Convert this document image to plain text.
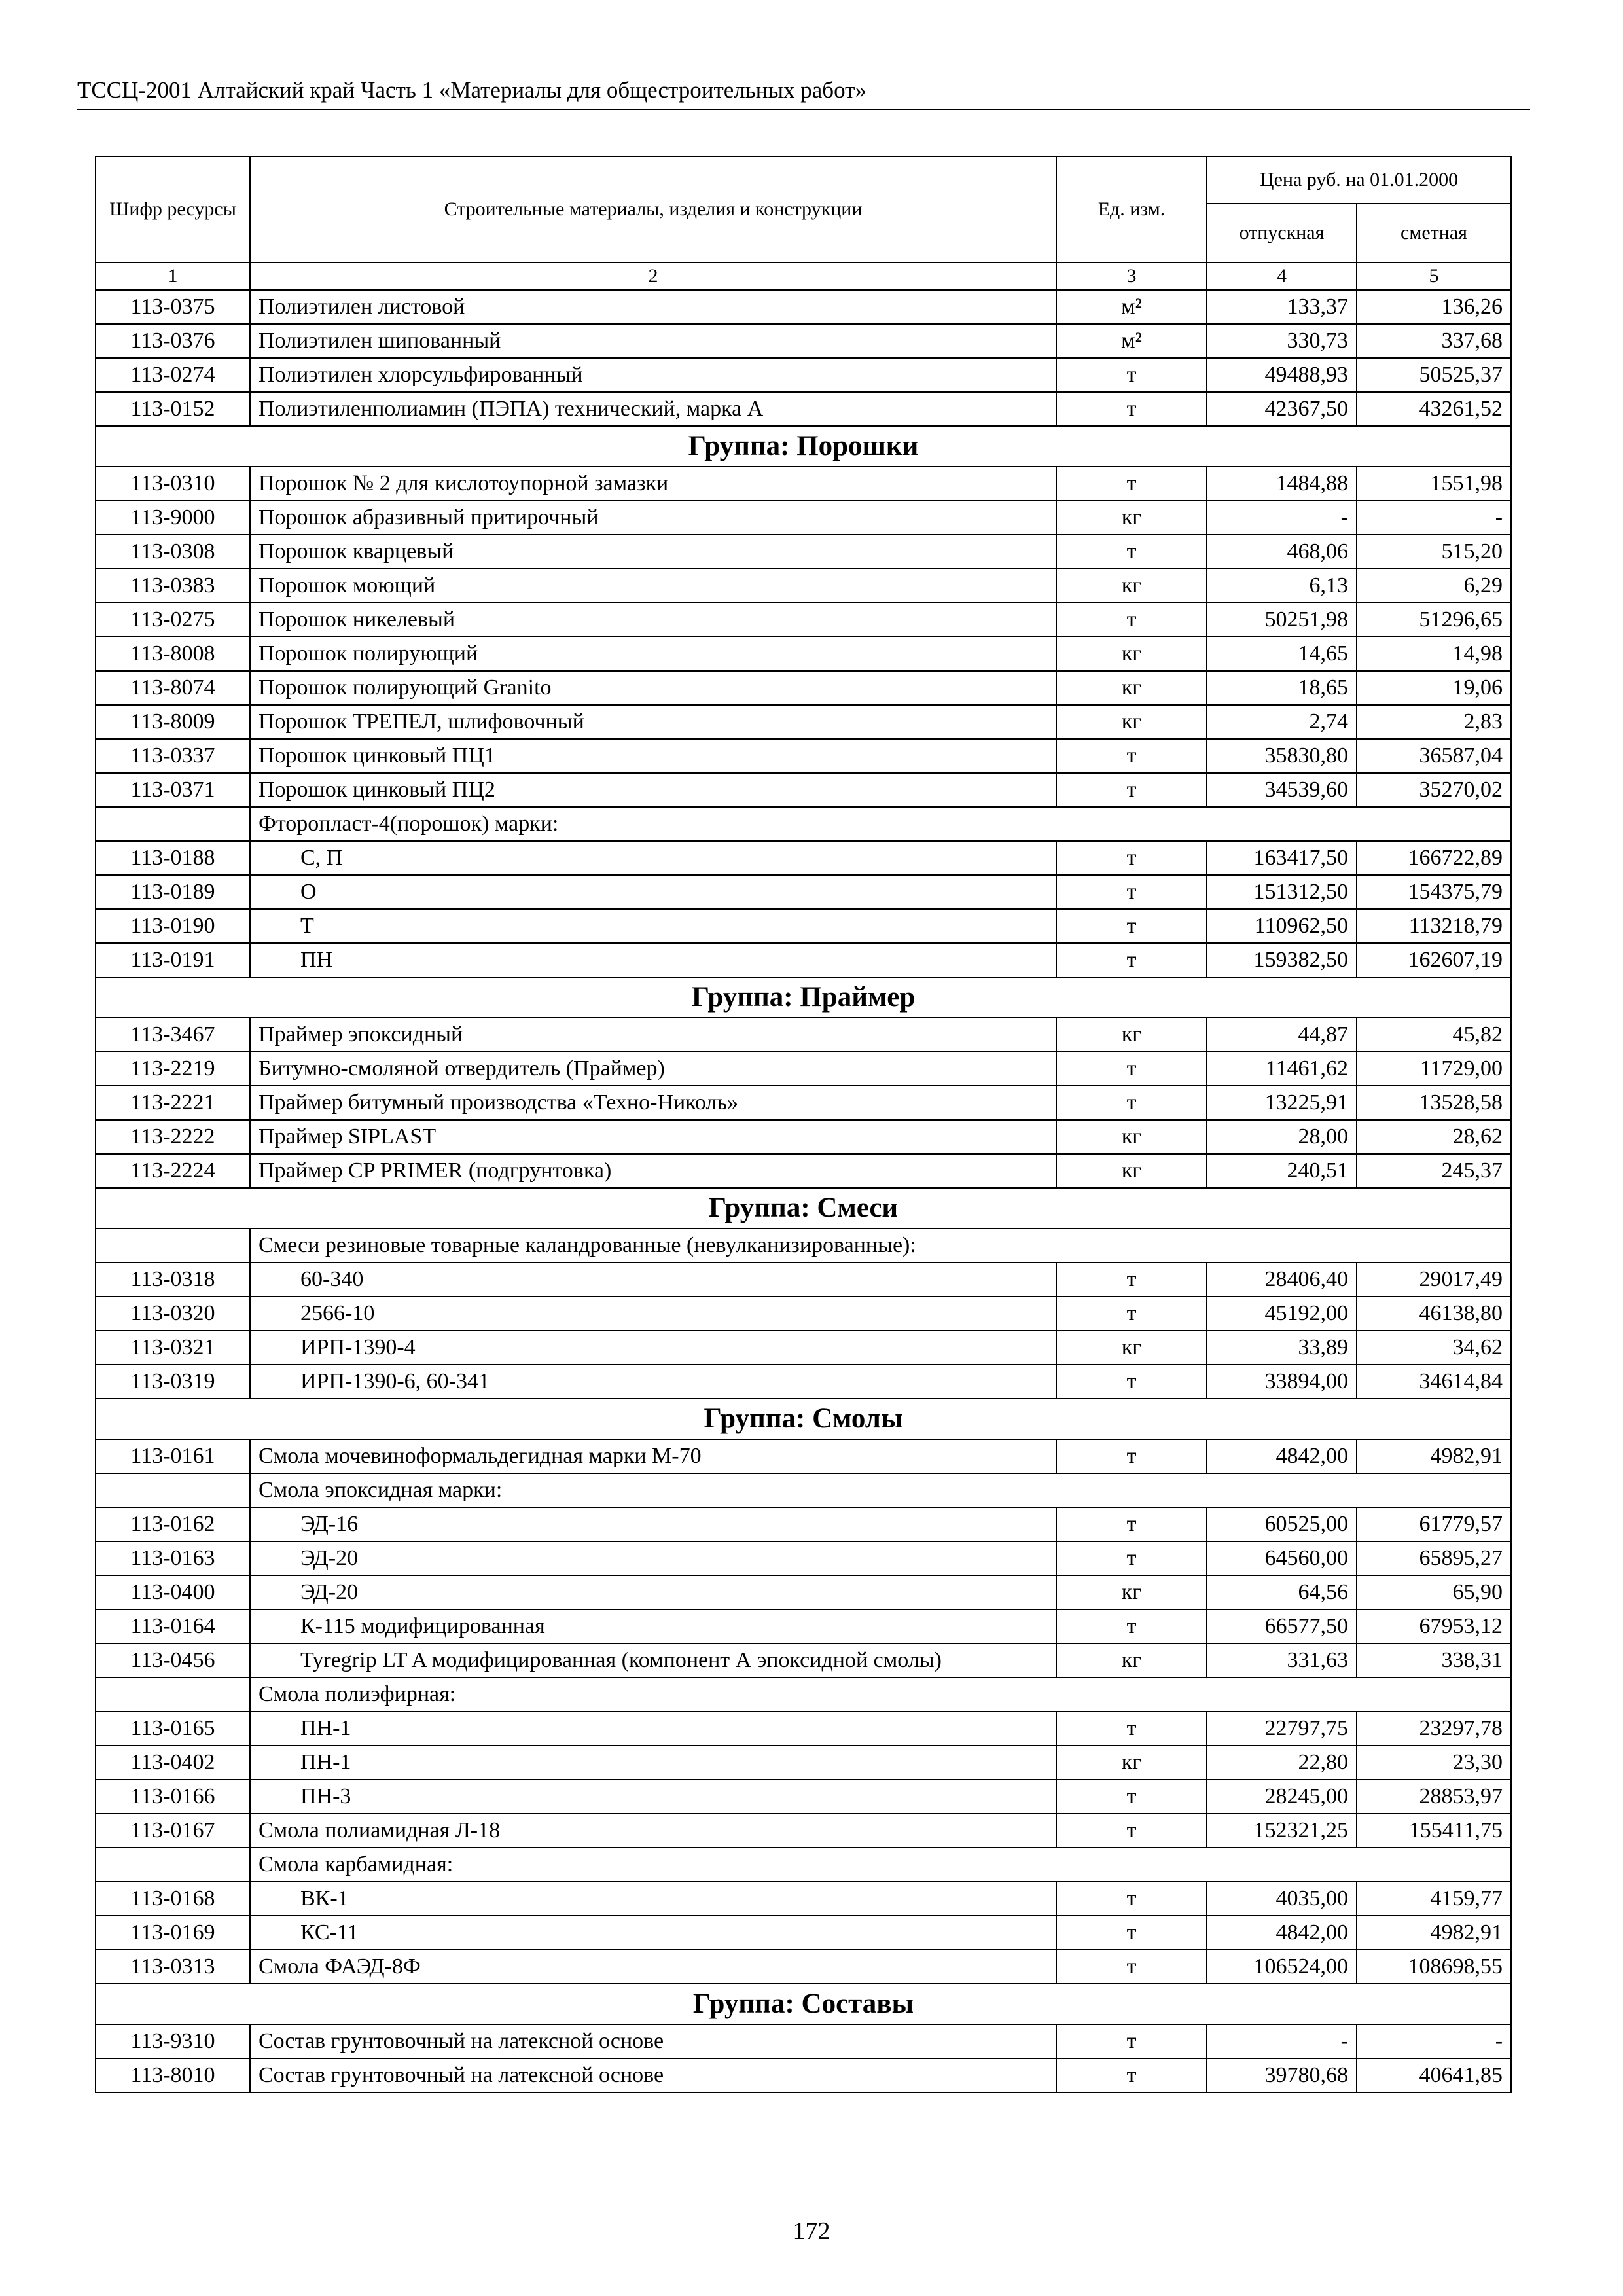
ТССЦ-2001 Алтайский край Часть 1 «Материалы для общестроительных работ»
Шифр ресурсы	Строительные материалы, изделия и конструкции	Ед. изм.	Цена руб. на 01.01.2000	
			отпускная	сметная
1	2	3	4	5
113-0375	Полиэтилен листовой	м²	133,37	136,26
113-0376	Полиэтилен шипованный	м²	330,73	337,68
113-0274	Полиэтилен хлорсульфированный	т	49488,93	50525,37
113-0152	Полиэтиленполиамин (ПЭПА) технический, марка А	т	42367,50	43261,52
Группа: Порошки				
113-0310	Порошок № 2 для кислотоупорной замазки	т	1484,88	1551,98
113-9000	Порошок абразивный притирочный	кг	-	-
113-0308	Порошок кварцевый	т	468,06	515,20
113-0383	Порошок моющий	кг	6,13	6,29
113-0275	Порошок никелевый	т	50251,98	51296,65
113-8008	Порошок полирующий	кг	14,65	14,98
113-8074	Порошок полирующий Granito	кг	18,65	19,06
113-8009	Порошок ТРЕПЕЛ, шлифовочный	кг	2,74	2,83
113-0337	Порошок цинковый ПЦ1	т	35830,80	36587,04
113-0371	Порошок цинковый ПЦ2	т	34539,60	35270,02
	Фторопласт-4(порошок) марки:			
113-0188	С, П	т	163417,50	166722,89
113-0189	О	т	151312,50	154375,79
113-0190	Т	т	110962,50	113218,79
113-0191	ПН	т	159382,50	162607,19
Группа: Праймер				
113-3467	Праймер эпоксидный	кг	44,87	45,82
113-2219	Битумно-смоляной отвердитель (Праймер)	т	11461,62	11729,00
113-2221	Праймер битумный производства «Техно-Николь»	т	13225,91	13528,58
113-2222	Праймер SIPLAST	кг	28,00	28,62
113-2224	Праймер CP PRIMER (подгрунтовка)	кг	240,51	245,37
Группа: Смеси				
	Смеси резиновые товарные каландрованные (невулканизированные):			
113-0318	60-340	т	28406,40	29017,49
113-0320	2566-10	т	45192,00	46138,80
113-0321	ИРП-1390-4	кг	33,89	34,62
113-0319	ИРП-1390-6, 60-341	т	33894,00	34614,84
Группа: Смолы				
113-0161	Смола мочевиноформальдегидная марки М-70	т	4842,00	4982,91
	Смола эпоксидная марки:			
113-0162	ЭД-16	т	60525,00	61779,57
113-0163	ЭД-20	т	64560,00	65895,27
113-0400	ЭД-20	кг	64,56	65,90
113-0164	К-115 модифицированная	т	66577,50	67953,12
113-0456	Tyregrip LT A модифицированная (компонент А эпоксидной смолы)	кг	331,63	338,31
	Смола полиэфирная:			
113-0165	ПН-1	т	22797,75	23297,78
113-0402	ПН-1	кг	22,80	23,30
113-0166	ПН-3	т	28245,00	28853,97
113-0167	Смола полиамидная Л-18	т	152321,25	155411,75
	Смола карбамидная:			
113-0168	ВК-1	т	4035,00	4159,77
113-0169	КС-11	т	4842,00	4982,91
113-0313	Смола ФАЭД-8Ф	т	106524,00	108698,55
Группа: Составы				
113-9310	Состав грунтовочный на латексной основе	т	-	-
113-8010	Состав грунтовочный на латексной основе	т	39780,68	40641,85
172
